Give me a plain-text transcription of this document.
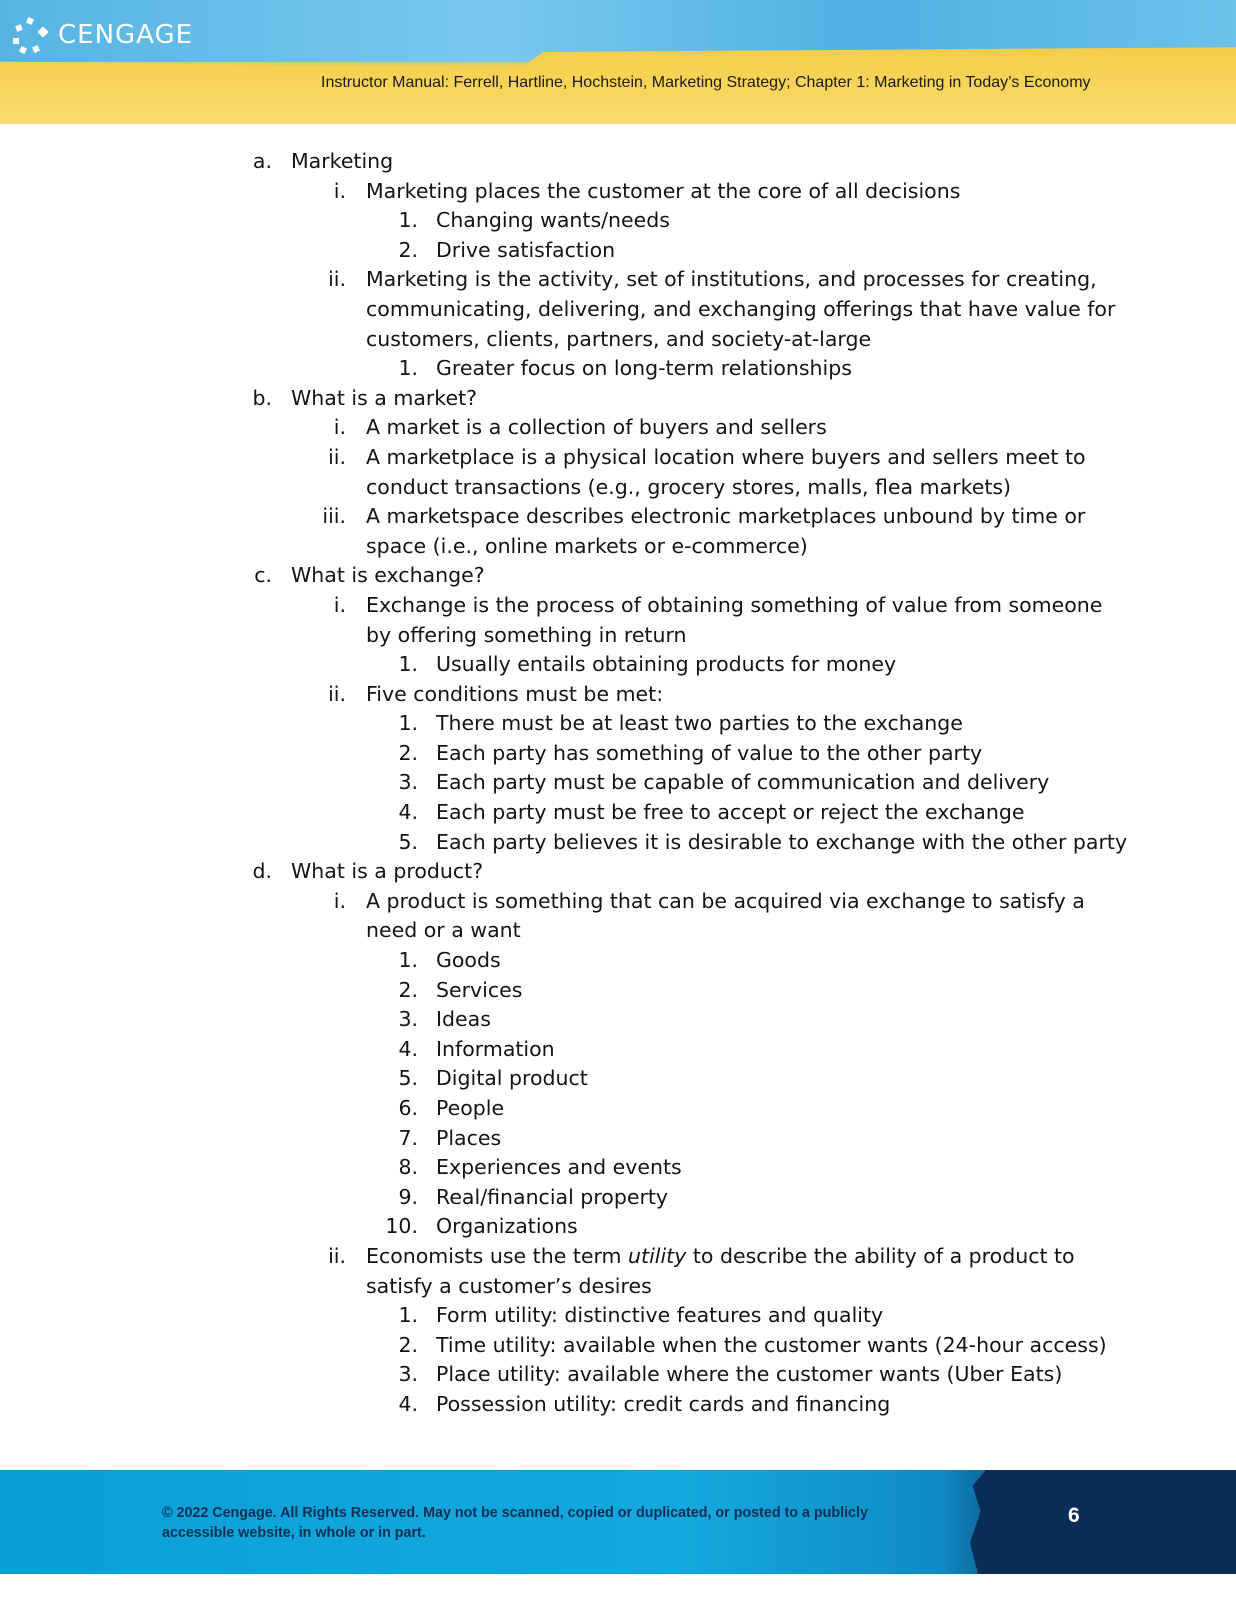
CENGAGE
Instructor Manual: Ferrell, Hartline, Hochstein, Marketing Strategy; Chapter 1: Marketing in Today’s Economy
a. Marketing
i. Marketing places the customer at the core of all decisions
1. Changing wants/needs
2. Drive satisfaction
ii. Marketing is the activity, set of institutions, and processes for creating,
communicating, delivering, and exchanging offerings that have value for
customers, clients, partners, and society-at-large
1. Greater focus on long-term relationships
b. What is a market?
i. A market is a collection of buyers and sellers
ii. A marketplace is a physical location where buyers and sellers meet to
conduct transactions (e.g., grocery stores, malls, flea markets)
iii. A marketspace describes electronic marketplaces unbound by time or
space (i.e., online markets or e-commerce)
c. What is exchange?
i. Exchange is the process of obtaining something of value from someone
by offering something in return
1. Usually entails obtaining products for money
ii. Five conditions must be met:
1. There must be at least two parties to the exchange
2. Each party has something of value to the other party
3. Each party must be capable of communication and delivery
4. Each party must be free to accept or reject the exchange
5. Each party believes it is desirable to exchange with the other party
d. What is a product?
i. A product is something that can be acquired via exchange to satisfy a
need or a want
1. Goods
2. Services
3. Ideas
4. Information
5. Digital product
6. People
7. Places
8. Experiences and events
9. Real/financial property
10. Organizations
ii. Economists use the term utility to describe the ability of a product to
satisfy a customer’s desires
1. Form utility: distinctive features and quality
2. Time utility: available when the customer wants (24-hour access)
3. Place utility: available where the customer wants (Uber Eats)
4. Possession utility: credit cards and financing
© 2022 Cengage. All Rights Reserved. May not be scanned, copied or duplicated, or posted to a publicly accessible website, in whole or in part.
6
